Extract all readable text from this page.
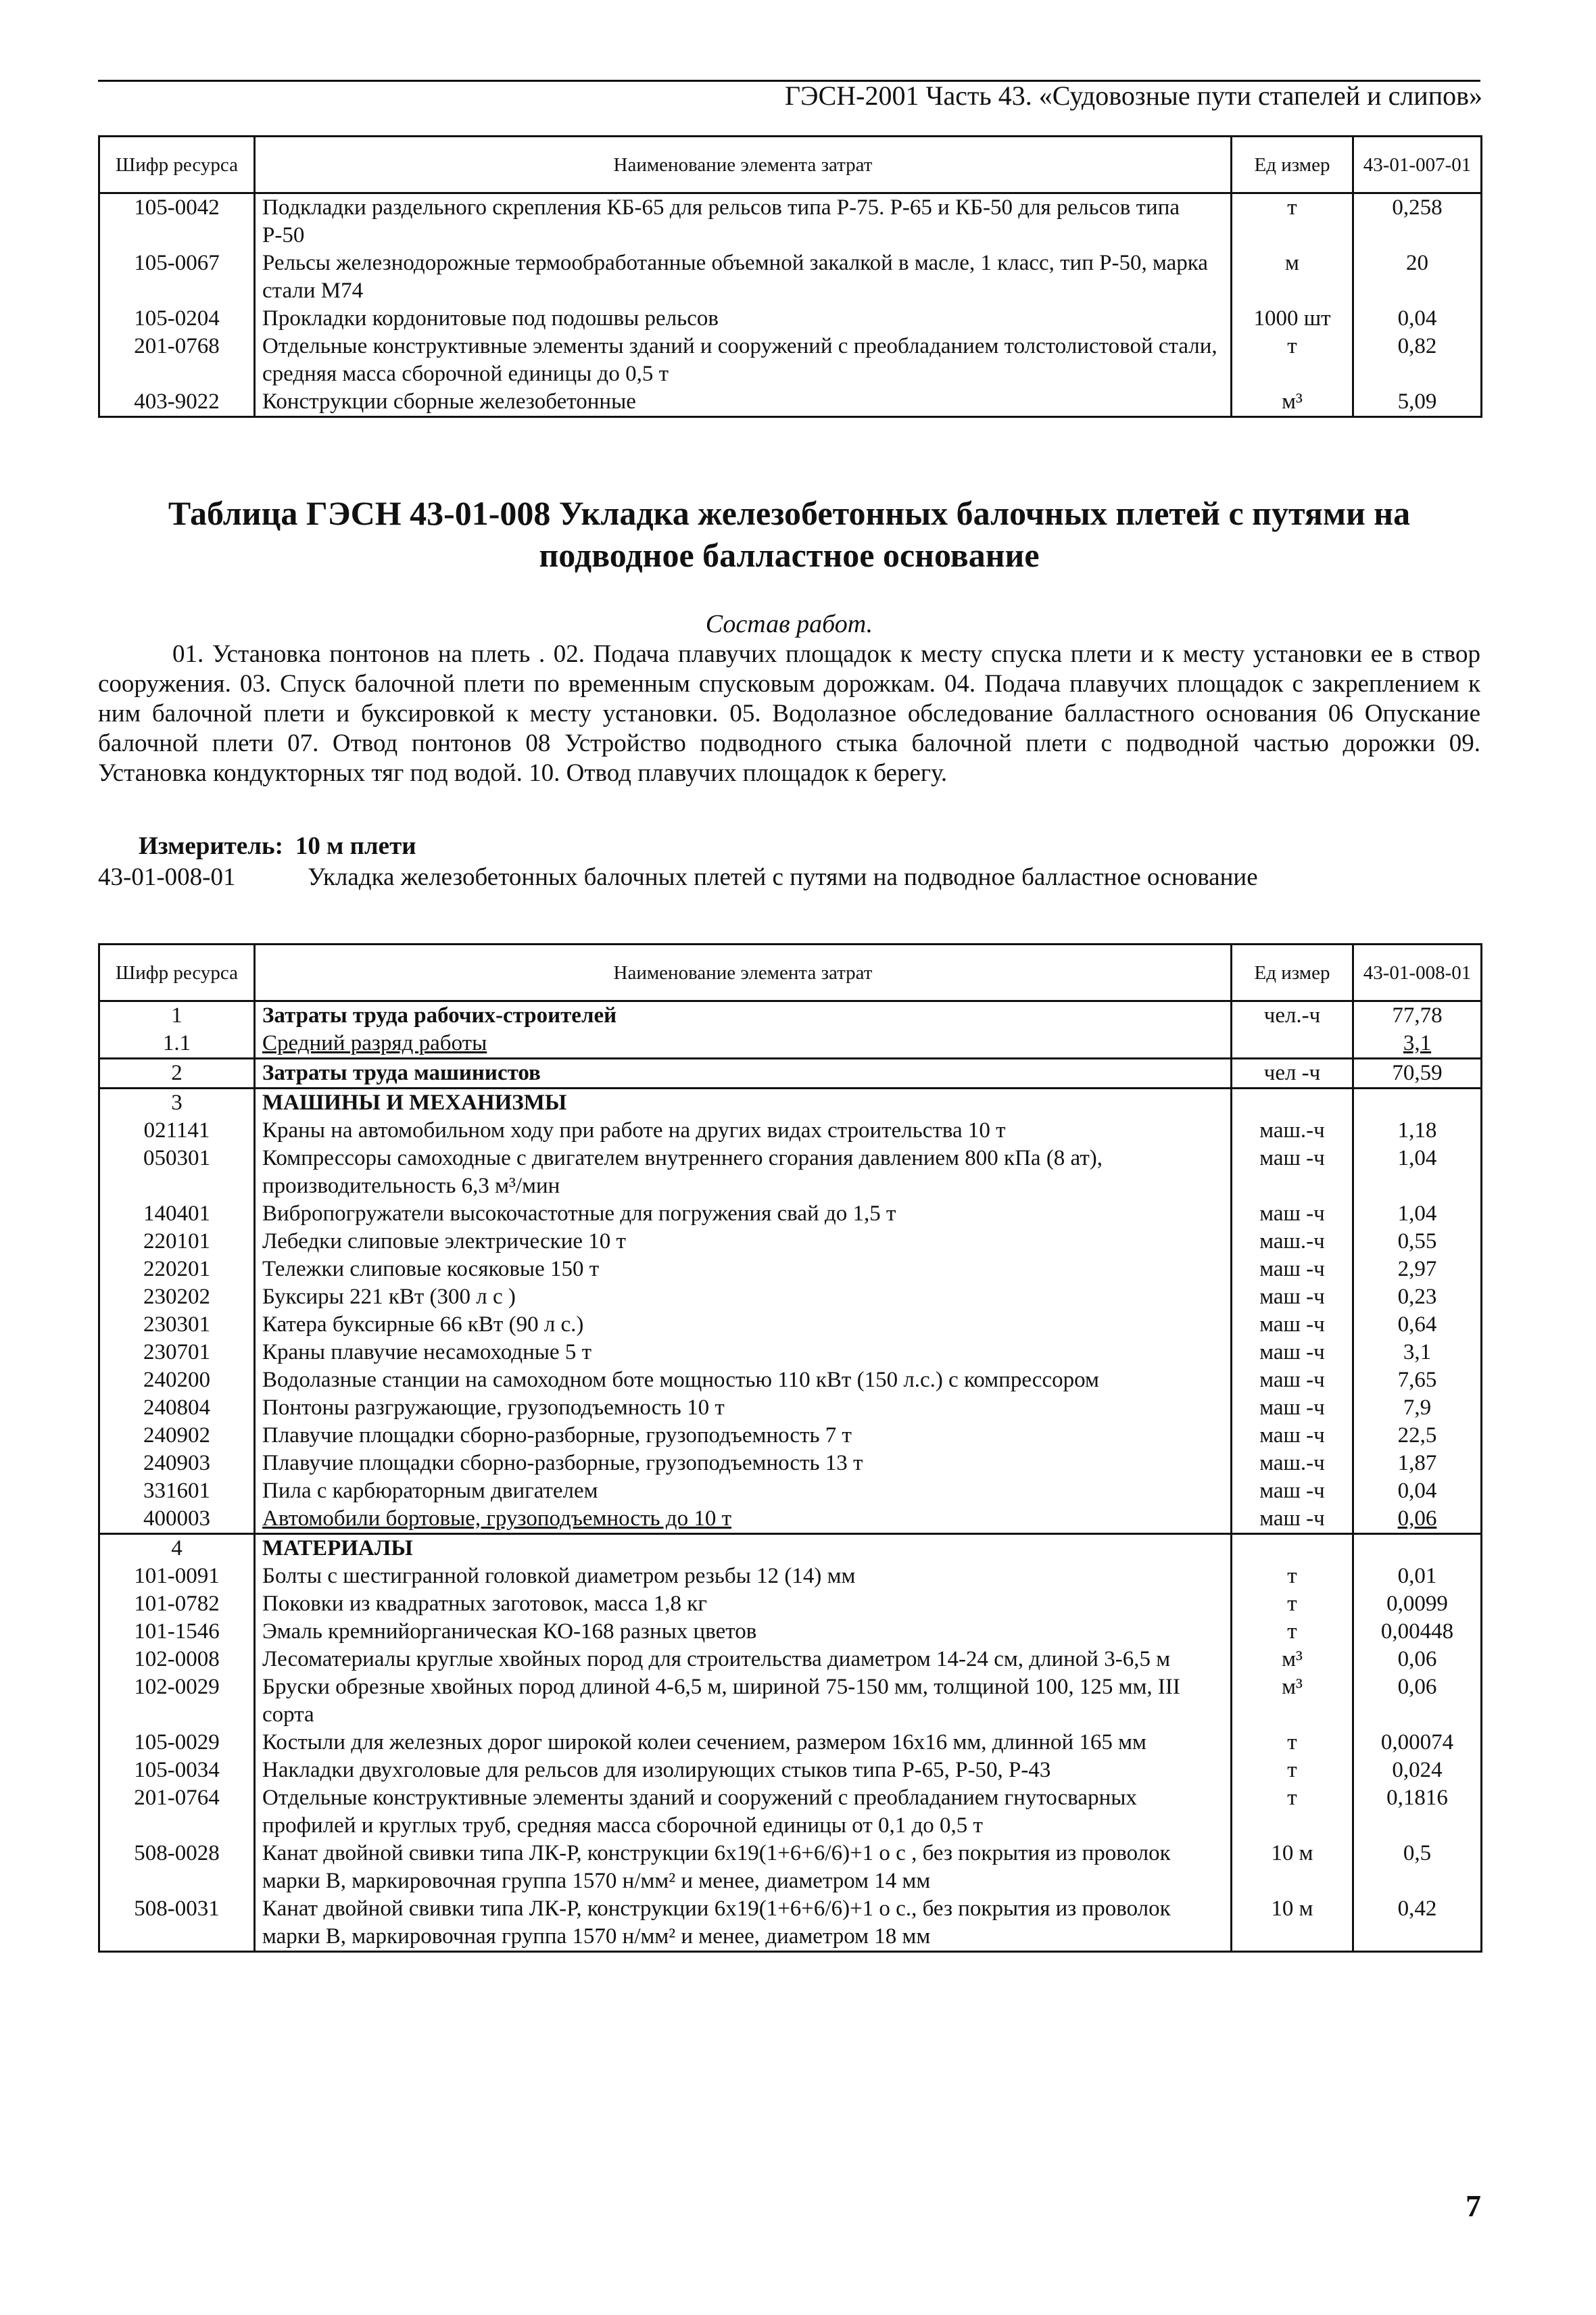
ГЭСН-2001 Часть 43. «Судовозные пути стапелей и слипов»
Шифр ресурса	Наименование элемента затрат	Ед измер	43-01-007-01
105-0042	Подкладки раздельного скрепления КБ-65 для рельсов типа Р-75. Р-65 и КБ-50 для рельсов типа Р-50	т	0,258
105-0067	Рельсы железнодорожные термообработанные объемной закалкой в масле, 1 класс, тип Р-50, марка стали М74	м	20
105-0204	Прокладки кордонитовые под подошвы рельсов	1000 шт	0,04
201-0768	Отдельные конструктивные элементы зданий и сооружений с преобладанием толстолистовой стали, средняя масса сборочной единицы до 0,5 т	т	0,82
403-9022	Конструкции сборные железобетонные	м³	5,09
Таблица ГЭСН 43-01-008 Укладка железобетонных балочных плетей с путями на подводное балластное основание
Состав работ.
01. Установка понтонов на плеть . 02. Подача плавучих площадок к месту спуска плети и к месту установки ее в створ сооружения. 03. Спуск балочной плети по временным спусковым дорожкам. 04. Подача плавучих площадок с закреплением к ним балочной плети и буксировкой к месту установки. 05. Водолазное обследование балластного основания 06 Опускание балочной плети 07. Отвод понтонов 08 Устройство подводного стыка балочной плети с подводной частью дорожки 09. Установка кондукторных тяг под водой. 10. Отвод плавучих площадок к берегу.
Измеритель: 10 м плети
43-01-008-01	Укладка железобетонных балочных плетей с путями на подводное балластное основание
Шифр ресурса	Наименование элемента затрат	Ед измер	43-01-008-01
1	Затраты труда рабочих-строителей	чел.-ч	77,78
1.1	Средний разряд работы		3,1
2	Затраты труда машинистов	чел -ч	70,59
3	МАШИНЫ И МЕХАНИЗМЫ		
021141	Краны на автомобильном ходу при работе на других видах строительства 10 т	маш.-ч	1,18
050301	Компрессоры самоходные с двигателем внутреннего сгорания давлением 800 кПа (8 ат), производительность 6,3 м³/мин	маш -ч	1,04
140401	Вибропогружатели высокочастотные для погружения свай до 1,5 т	маш -ч	1,04
220101	Лебедки слиповые электрические 10 т	маш.-ч	0,55
220201	Тележки слиповые косяковые 150 т	маш -ч	2,97
230202	Буксиры 221 кВт (300 л с )	маш -ч	0,23
230301	Катера буксирные 66 кВт (90 л с.)	маш -ч	0,64
230701	Краны плавучие несамоходные 5 т	маш -ч	3,1
240200	Водолазные станции на самоходном боте мощностью 110 кВт (150 л.с.) с компрессором	маш -ч	7,65
240804	Понтоны разгружающие, грузоподъемность 10 т	маш -ч	7,9
240902	Плавучие площадки сборно-разборные, грузоподъемность 7 т	маш -ч	22,5
240903	Плавучие площадки сборно-разборные, грузоподъемность 13 т	маш.-ч	1,87
331601	Пила с карбюраторным двигателем	маш -ч	0,04
400003	Автомобили бортовые, грузоподъемность до 10 т	маш -ч	0,06
4	МАТЕРИАЛЫ		
101-0091	Болты с шестигранной головкой диаметром резьбы 12 (14) мм	т	0,01
101-0782	Поковки из квадратных заготовок, масса 1,8 кг	т	0,0099
101-1546	Эмаль кремнийорганическая КО-168 разных цветов	т	0,00448
102-0008	Лесоматериалы круглые хвойных пород для строительства диаметром 14-24 см, длиной 3-6,5 м	м³	0,06
102-0029	Бруски обрезные хвойных пород длиной 4-6,5 м, шириной 75-150 мм, толщиной 100, 125 мм, III сорта	м³	0,06
105-0029	Костыли для железных дорог широкой колеи сечением, размером 16х16 мм, длинной 165 мм	т	0,00074
105-0034	Накладки двухголовые для рельсов для изолирующих стыков типа Р-65, Р-50, Р-43	т	0,024
201-0764	Отдельные конструктивные элементы зданий и сооружений с преобладанием гнутосварных профилей и круглых труб, средняя масса сборочной единицы от 0,1 до 0,5 т	т	0,1816
508-0028	Канат двойной свивки типа ЛК-Р, конструкции 6х19(1+6+6/6)+1 о с , без покрытия из проволок марки В, маркировочная группа 1570 н/мм² и менее, диаметром 14 мм	10 м	0,5
508-0031	Канат двойной свивки типа ЛК-Р, конструкции 6х19(1+6+6/6)+1 о с., без покрытия из проволок марки В, маркировочная группа 1570 н/мм² и менее, диаметром 18 мм	10 м	0,42
7
